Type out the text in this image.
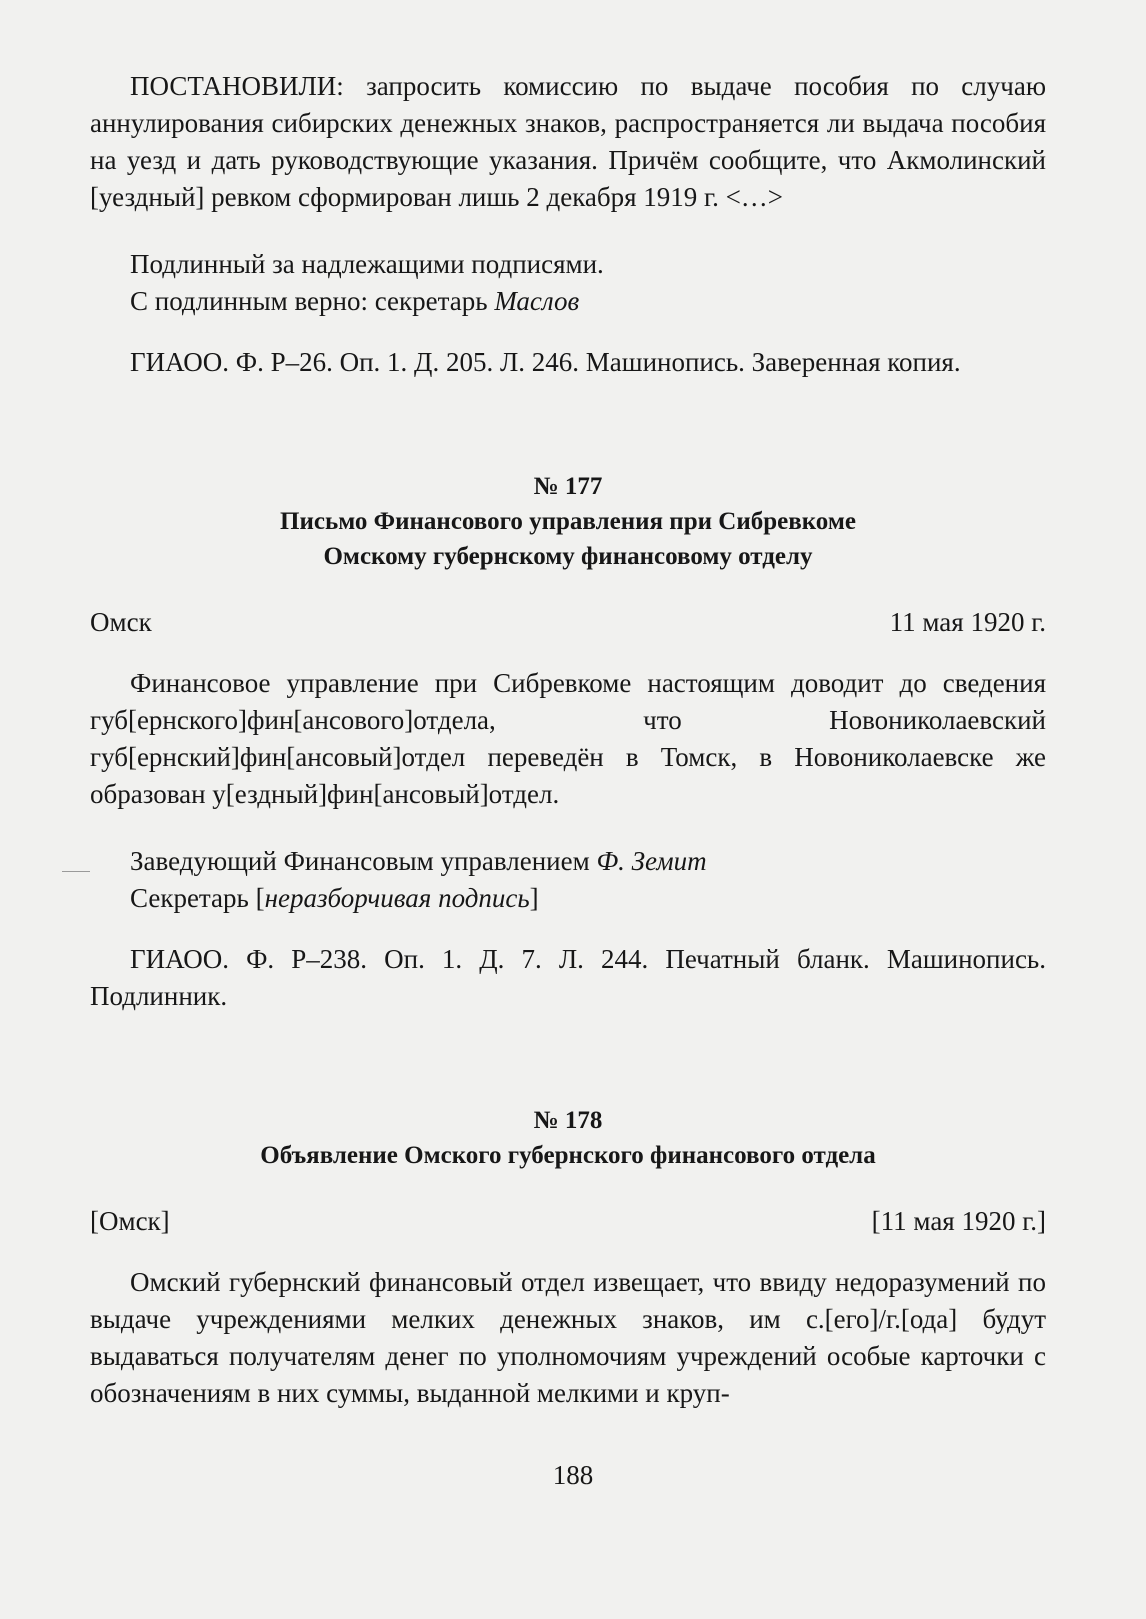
ПОСТАНОВИЛИ: запросить комиссию по выдаче пособия по случаю аннулирования сибирских денежных знаков, распространяется ли выдача пособия на уезд и дать руководствующие указания. Причём сообщите, что Акмолинский [уездный] ревком сформирован лишь 2 декабря 1919 г. <…>

Подлинный за надлежащими подписями.

С подлинным верно: секретарь Маслов

ГИАОО. Ф. Р–26. Оп. 1. Д. 205. Л. 246. Машинопись. Заверенная копия.

№ 177

Письмо Финансового управления при Сибревкоме

Омскому губернскому финансовому отделу

Омск	11 мая 1920 г.

Финансовое управление при Сибревкоме настоящим доводит до сведения губ[ернского]фин[ансового]отдела, что Новониколаевский губ[ернский]фин[ансовый]отдел переведён в Томск, в Новониколаевске же образован у[ездный]фин[ансовый]отдел.

Заведующий Финансовым управлением Ф. Земит

Секретарь [неразборчивая подпись]

ГИАОО. Ф. Р–238. Оп. 1. Д. 7. Л. 244. Печатный бланк. Машинопись. Подлинник.

№ 178

Объявление Омского губернского финансового отдела

[Омск]	[11 мая 1920 г.]

Омский губернский финансовый отдел извещает, что ввиду недоразумений по выдаче учреждениями мелких денежных знаков, им с.[его]/г.[ода] будут выдаваться получателям денег по уполномочиям учреждений особые карточки с обозначениям в них суммы, выданной мелкими и круп-

188
